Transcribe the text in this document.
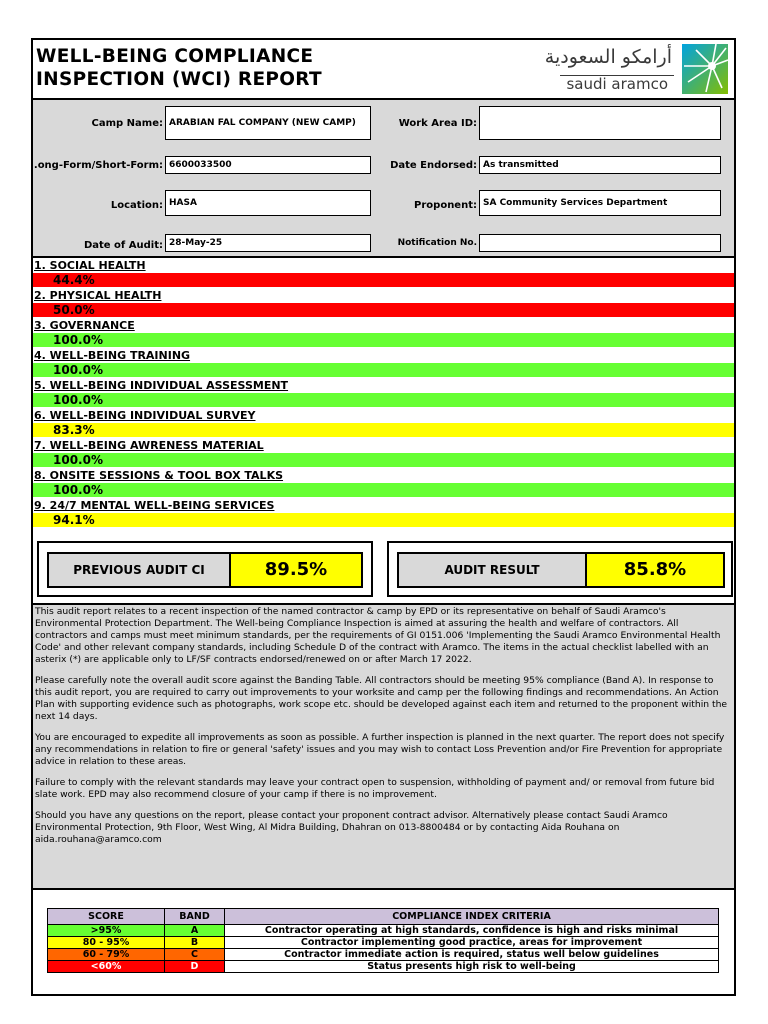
WELL-BEING COMPLIANCE
INSPECTION (WCI) REPORT
أرامكو السعودية
saudi aramco
Camp Name: ARABIAN FAL COMPANY (NEW CAMP)	Work Area ID:
.ong-Form/Short-Form: 6600033500	Date Endorsed: As transmitted
Location: HASA	Proponent: SA Community Services Department
Date of Audit: 28-May-25	Notification No.
1. SOCIAL HEALTH
44.4%
2. PHYSICAL HEALTH
50.0%
3. GOVERNANCE
100.0%
4. WELL-BEING TRAINING
100.0%
5. WELL-BEING INDIVIDUAL ASSESSMENT
100.0%
6. WELL-BEING INDIVIDUAL SURVEY
83.3%
7. WELL-BEING AWRENESS MATERIAL
100.0%
8. ONSITE SESSIONS & TOOL BOX TALKS
100.0%
9. 24/7 MENTAL WELL-BEING SERVICES
94.1%
PREVIOUS AUDIT CI	89.5%	AUDIT RESULT	85.8%

This audit report relates to a recent inspection of the named contractor & camp by EPD or its representative on behalf of Saudi Aramco's Environmental Protection Department. The Well-being Compliance Inspection is aimed at assuring the health and welfare of contractors. All contractors and camps must meet minimum standards, per the requirements of GI 0151.006 'Implementing the Saudi Aramco Environmental Health Code' and other relevant company standards, including Schedule D of the contract with Aramco. The items in the actual checklist labelled with an asterix (*) are applicable only to LF/SF contracts endorsed/renewed on or after March 17 2022.

Please carefully note the overall audit score against the Banding Table. All contractors should be meeting 95% compliance (Band A). In response to this audit report, you are required to carry out improvements to your worksite and camp per the following findings and recommendations. An Action Plan with supporting evidence such as photographs, work scope etc. should be developed against each item and returned to the proponent within the next 14 days.

You are encouraged to expedite all improvements as soon as possible. A further inspection is planned in the next quarter. The report does not specify any recommendations in relation to fire or general 'safety' issues and you may wish to contact Loss Prevention and/or Fire Prevention for appropriate advice in relation to these areas.

Failure to comply with the relevant standards may leave your contract open to suspension, withholding of payment and/ or removal from future bid slate work. EPD may also recommend closure of your camp if there is no improvement.

Should you have any questions on the report, please contact your proponent contract advisor. Alternatively please contact Saudi Aramco Environmental Protection, 9th Floor, West Wing, Al Midra Building, Dhahran on 013-8800484 or by contacting Aida Rouhana on aida.rouhana@aramco.com

SCORE	BAND	COMPLIANCE INDEX CRITERIA
>95%	A	Contractor operating at high standards, confidence is high and risks minimal
80 - 95%	B	Contractor implementing good practice, areas for improvement
60 - 79%	C	Contractor immediate action is required, status well below guidelines
<60%	D	Status presents high risk to well-being
